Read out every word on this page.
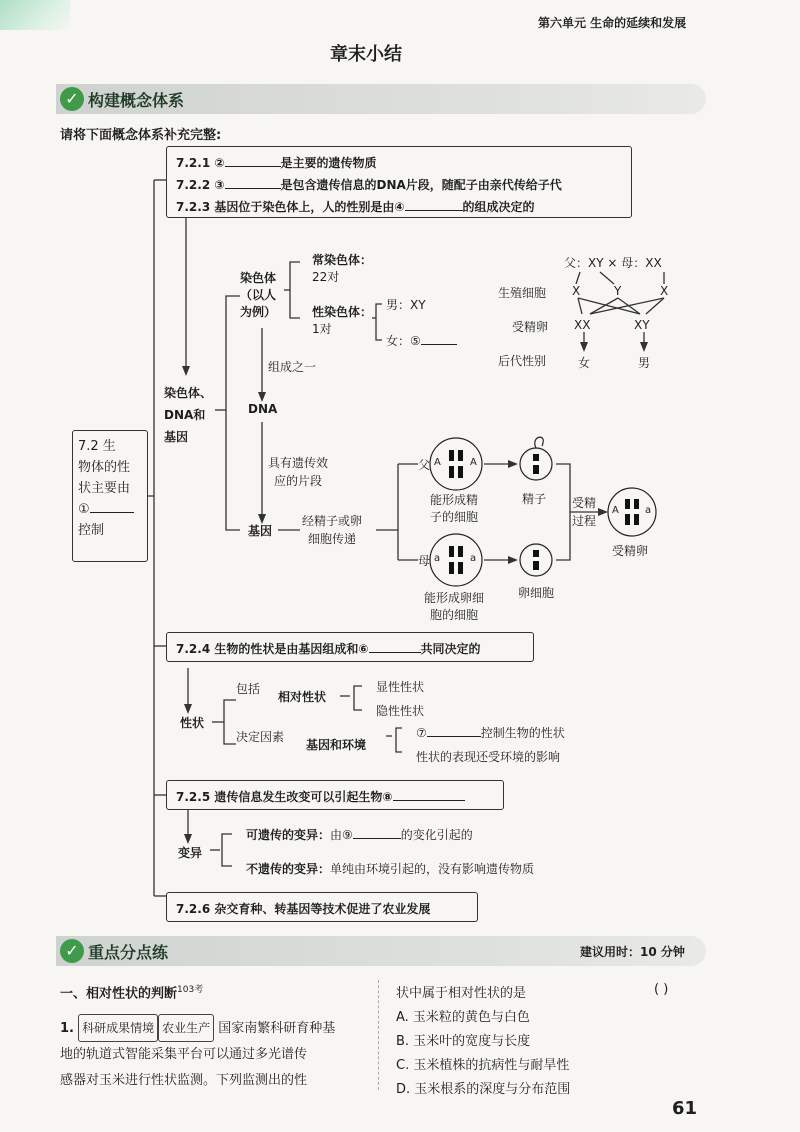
第六单元 生命的延续和发展
章末小结
✓ 构建概念体系
请将下面概念体系补充完整:
7.2 生
物体的性
状主要由
①
控制
7.2.1 ②	是主要的遗传物质
7.2.2 ③	是包含遗传信息的DNA片段，随配子由亲代传给子代
7.2.3 基因位于染色体上，人的性别是由④	的组成决定的
染色体、
DNA和
基因
染色体
（以人
为例）
常染色体：
22对
性染色体：
1对
男：XY
女：⑤
组成之一
DNA
具有遗传效
应的片段
基因
经精子或卵
细胞传递
父：XY × 母：XX
生殖细胞
受精卵
后代性别
X	Y	X
XX	XY
女	男
A	A
a	a
A	a
父
母
能形成精
子的细胞
精子
能形成卵细
胞的细胞
卵细胞
受精
过程
受精卵
7.2.4 生物的性状是由基因组成和⑥	共同决定的
性状
包括
相对性状
显性性状
隐性性状
决定因素
基因和环境
⑦	控制生物的性状
性状的表现还受环境的影响
7.2.5 遗传信息发生改变可以引起生物⑧
变异
可遗传的变异：由⑨	的变化引起的
不遗传的变异：单纯由环境引起的，没有影响遗传物质
7.2.6 杂交育种、转基因等技术促进了农业发展
✓ 重点分点练	建议用时：10 分钟
一、相对性状的判断$^{103考}$
1. 科研成果情境 农业生产 国家南繁科研育种基
地的轨道式智能采集平台可以通过多光谱传
感器对玉米进行性状监测。下列监测出的性
状中属于相对性状的是
A. 玉米粒的黄色与白色
B. 玉米叶的宽度与长度
C. 玉米植株的抗病性与耐旱性
D. 玉米根系的深度与分布范围
( )
61
